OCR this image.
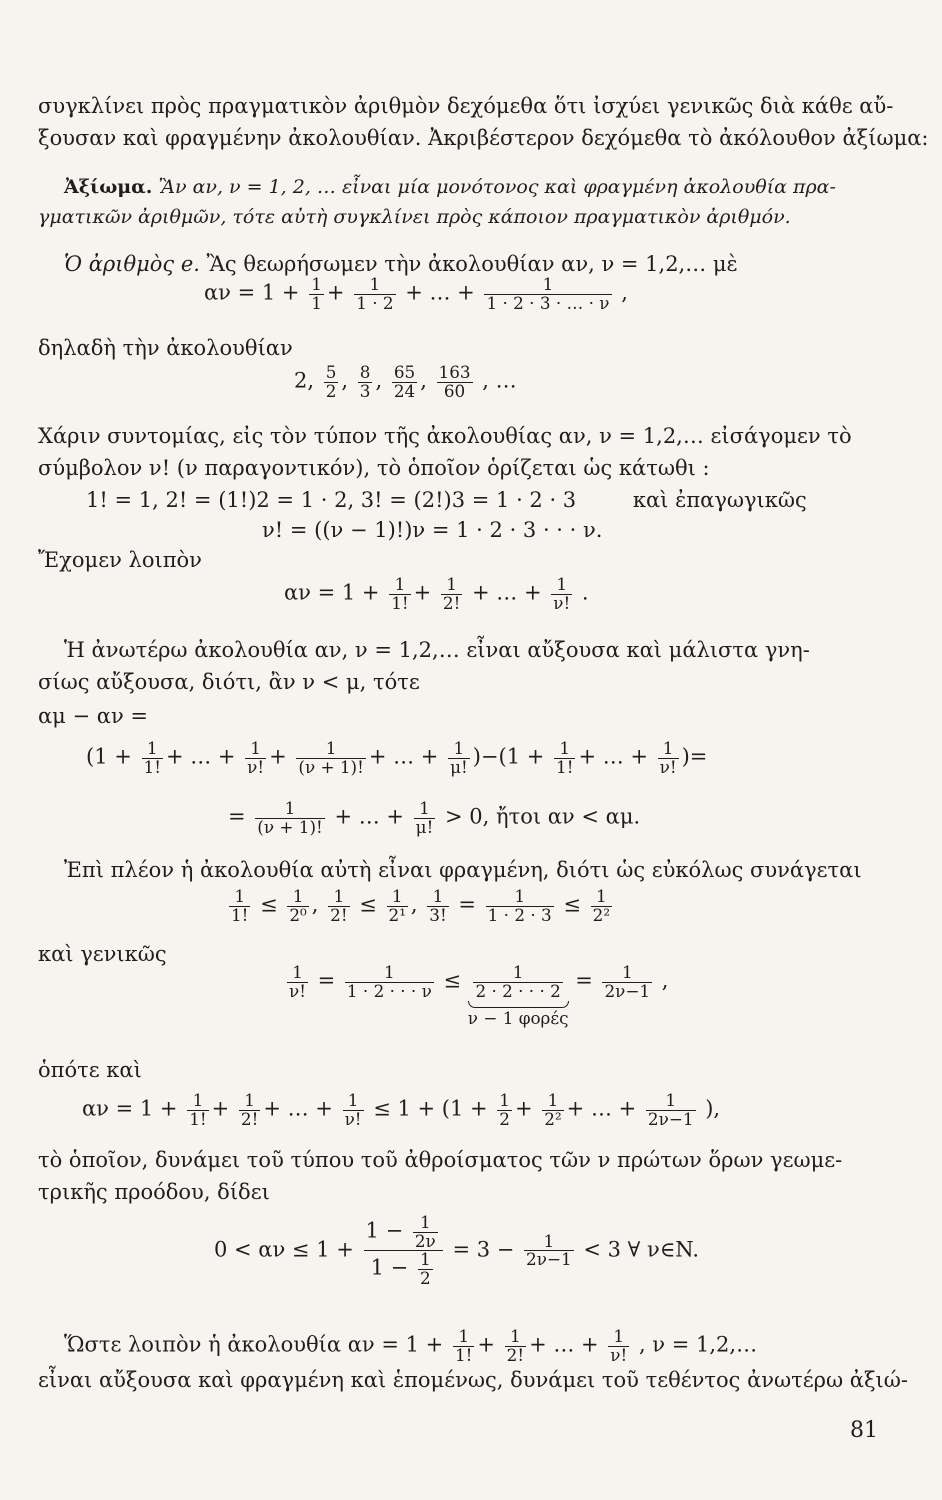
συγκλίνει πρὸς πραγματικὸν ἀριθμὸν δεχόμεθα ὅτι ἰσχύει γενικῶς διὰ κάθε αὔ-
ξουσαν καὶ φραγμένην ἀκολουθίαν. Ἀκριβέστερον δεχόμεθα τὸ ἀκόλουθον ἀξίωμα:
Ἀξίωμα. Ἂν αν, ν = 1, 2, … εἶναι μία μονότονος καὶ φραγμένη ἀκολουθία πρα-
γματικῶν ἀριθμῶν, τότε αὐτὴ συγκλίνει πρὸς κάποιον πραγματικὸν ἀριθμόν.
Ὁ ἀριθμὸς e. Ἂς θεωρήσωμεν τὴν ἀκολουθίαν αν, ν = 1,2,… μὲ
$\alpha\nu = 1 + \frac{1}{1} + \frac{1}{1 \cdot 2}$ + … + $\frac{1}{1 \cdot 2 \cdot 3 \cdot \dots \cdot \nu}$ ,
δηλαδὴ τὴν ἀκολουθίαν
2, $\frac{5}{2}$ , $\frac{8}{3}$ , $\frac{65}{24}$ , $\frac{163}{60}$ , …
Χάριν συντομίας, εἰς τὸν τύπον τῆς ἀκολουθίας αν, ν = 1,2,… εἰσάγομεν τὸ
σύμβολον ν! (ν παραγοντικόν), τὸ ὁποῖον ὁρίζεται ὡς κάτωθι :
1! = 1, 2! = (1!)2 = 1 · 2, 3! = (2!)3 = 1 · 2 · 3	καὶ ἐπαγωγικῶς
ν! = ((ν − 1)!)ν = 1 · 2 · 3 · · · ν.
Ἔχομεν λοιπὸν
$\alpha\nu = 1 + \frac{1}{1!} + \frac{1}{2!}$ + … + $\frac{1}{\nu!}$ .
Ἡ ἀνωτέρω ἀκολουθία αν, ν = 1,2,… εἶναι αὔξουσα καὶ μάλιστα γνη-
σίως αὔξουσα, διότι, ἂν ν < μ, τότε
αμ − αν =
($1 + \frac{1}{1!}$ + … + $\frac{1}{\nu!} + \frac{1}{(\nu + 1)!}$ + … + $\frac{1}{\mu!} )-(1 + \frac{1}{1!}$ + … + $\frac{1}{\nu!}$ )=
= $\frac{1}{(\nu + 1)!}$ + … + $\frac{1}{\mu!} > 0$, ἤτοι αν < αμ.
Ἐπὶ πλέον ἡ ἀκολουθία αὐτὴ εἶναι φραγμένη, διότι ὡς εὐκόλως συνάγεται
$\frac{1}{1!} \le \frac{1}{\text{2⁰}}$ , $\frac{1}{2!} \le \frac{1}{\text{2¹}}$ , $\frac{1}{3!} = \frac{1}{1 \cdot 2 \cdot 3} \le \frac{1}{\text{2²}}$
καὶ γενικῶς
$\frac{1}{\nu!} = \frac{1}{1 \cdot 2 \cdot \cdot \cdot \nu} \le \frac{1}{2 \cdot 2 \cdot \cdot \cdot 2}$
ν − 1 φορές
= $\frac{1}{2\nu-1}$ ,
ὁπότε καὶ
$\alpha\nu = 1 + \frac{1}{1!} + \frac{1}{2!}$ + … + $\frac{1}{\nu!} \le 1 + (1 + \frac{1}{2} + \frac{1}{\text{2²}}$ + … + $\frac{1}{2\nu-1}$ ),
τὸ ὁποῖον, δυνάμει τοῦ τύπου τοῦ ἀθροίσματος τῶν ν πρώτων ὅρων γεωμε-
τρικῆς προόδου, δίδει
$0 < \alpha\nu \le 1 + \frac{1 - \frac{1}{2\nu}}{1 - \frac{1}{2}} = 3 - \frac{1}{2\nu-1} < 3$ ∀ ν∈N.
Ὥστε λοιπὸν ἡ ἀκολουθία $\alpha\nu = 1 + \frac{1}{1!} + \frac{1}{2!}$ + … + $\frac{1}{\nu!}$ , ν = 1,2,…
εἶναι αὔξουσα καὶ φραγμένη καὶ ἑπομένως, δυνάμει τοῦ τεθέντος ἀνωτέρω ἀξιώ-
81
